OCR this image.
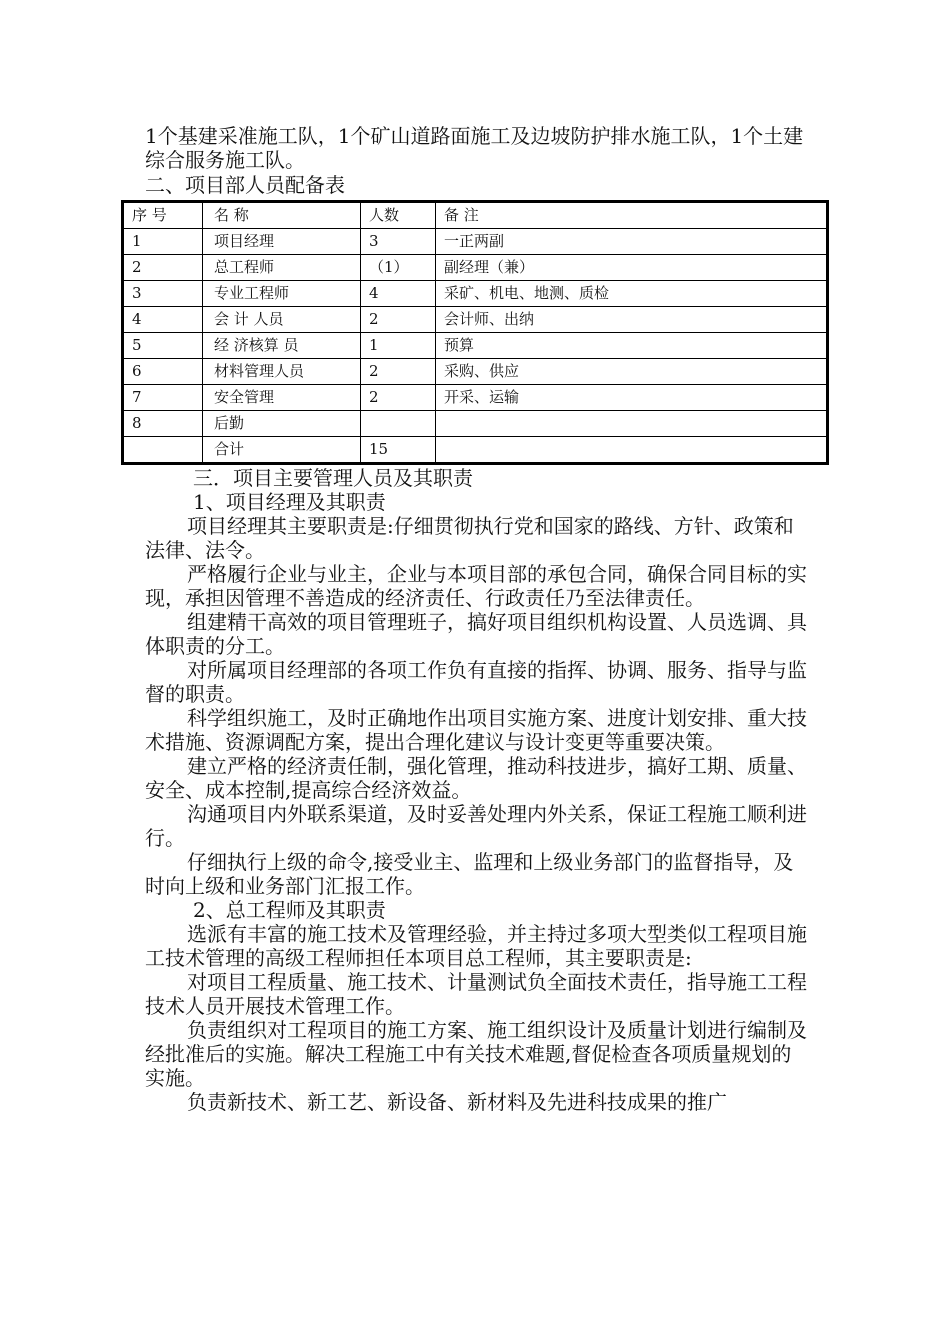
1个基建采准施工队，1个矿山道路面施工及边坡防护排水施工队，1个土建综合服务施工队。

二、项目部人员配备表

序 号	名 称	人数	备 注
1	项目经理	3	一正两副
2	总工程师	（1）	副经理（兼）
3	专业工程师	4	采矿、机电、地测、质检
4	会 计 人员	2	会计师、出纳
5	经 济核算 员	1	预算
6	材料管理人员	2	采购、供应
7	安全管理	2	开采、运输
8	后勤		
	合计	15	

三．项目主要管理人员及其职责

1、项目经理及其职责

项目经理其主要职责是:仔细贯彻执行党和国家的路线、方针、政策和法律、法令。

严格履行企业与业主，企业与本项目部的承包合同，确保合同目标的实现，承担因管理不善造成的经济责任、行政责任乃至法律责任。

组建精干高效的项目管理班子，搞好项目组织机构设置、人员选调、具体职责的分工。

对所属项目经理部的各项工作负有直接的指挥、协调、服务、指导与监督的职责。

科学组织施工，及时正确地作出项目实施方案、进度计划安排、重大技术措施、资源调配方案，提出合理化建议与设计变更等重要决策。

建立严格的经济责任制，强化管理，推动科技进步，搞好工期、质量、安全、成本控制,提高综合经济效益。

沟通项目内外联系渠道，及时妥善处理内外关系，保证工程施工顺利进行。

仔细执行上级的命令,接受业主、监理和上级业务部门的监督指导，及时向上级和业务部门汇报工作。

2、总工程师及其职责

选派有丰富的施工技术及管理经验，并主持过多项大型类似工程项目施工技术管理的高级工程师担任本项目总工程师，其主要职责是:

对项目工程质量、施工技术、计量测试负全面技术责任，指导施工工程技术人员开展技术管理工作。

负责组织对工程项目的施工方案、施工组织设计及质量计划进行编制及经批准后的实施。解决工程施工中有关技术难题,督促检查各项质量规划的实施。

负责新技术、新工艺、新设备、新材料及先进科技成果的推广
